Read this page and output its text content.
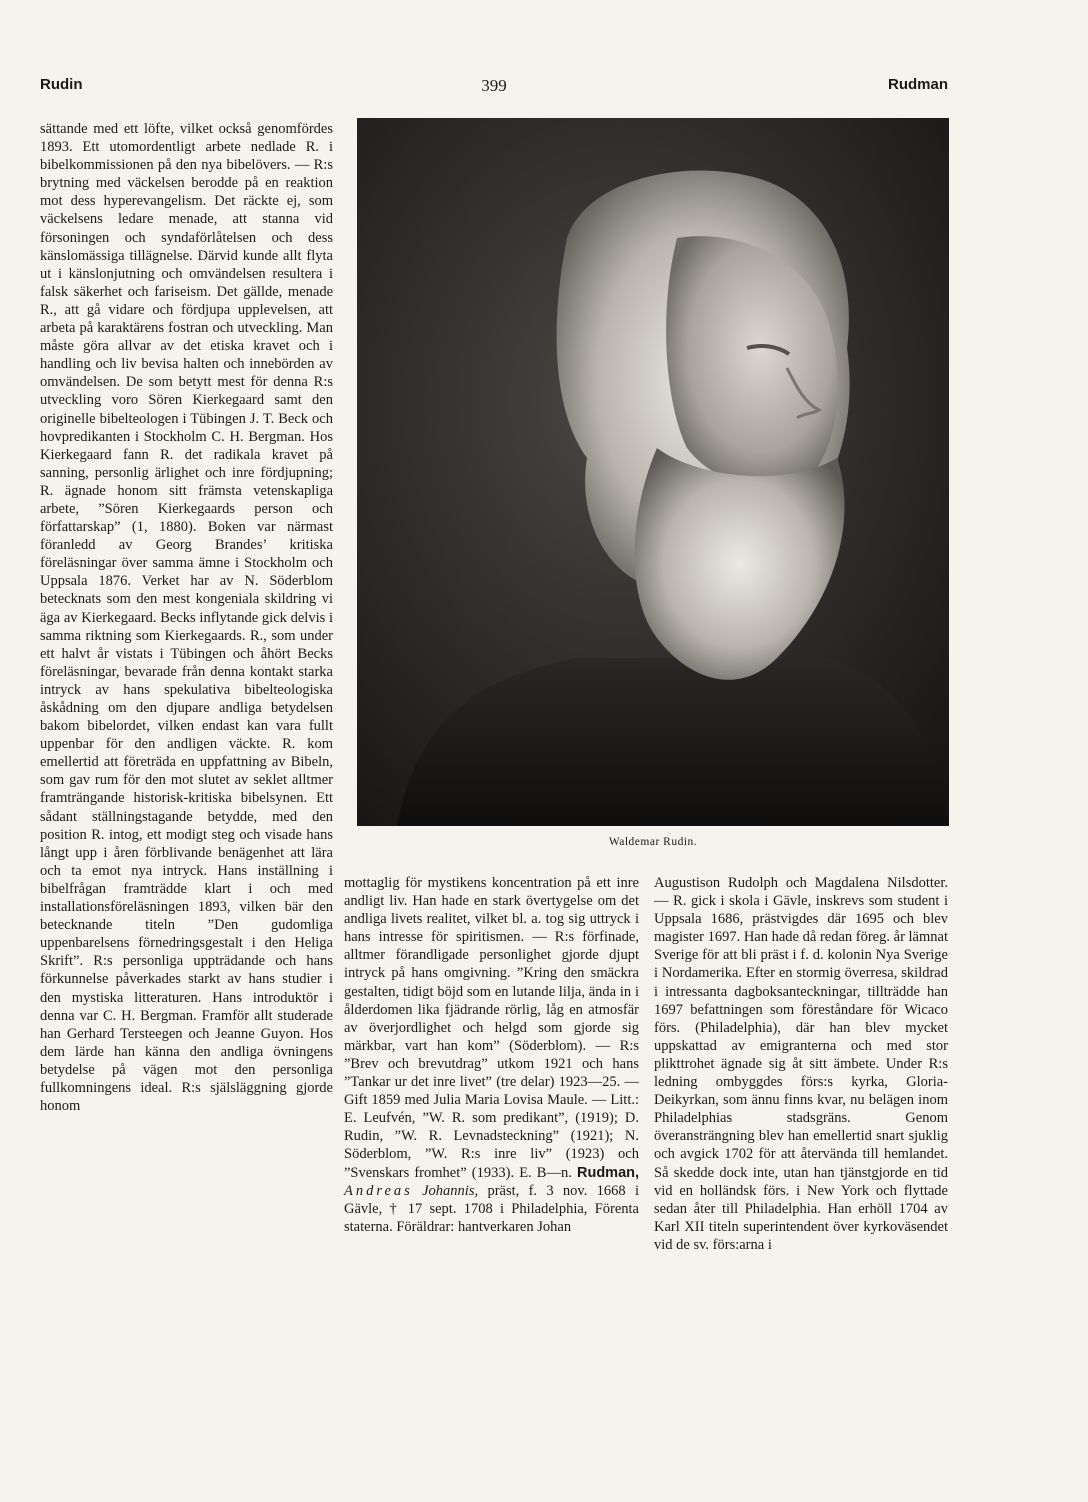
Rudin	399	Rudman

sättande med ett löfte, vilket också genomfördes 1893. Ett utomordentligt arbete nedlade R. i bibelkommissionen på den nya bibelövers. — R:s brytning med väckelsen berodde på en reaktion mot dess hyperevangelism. Det räckte ej, som väckelsens ledare menade, att stanna vid försoningen och syndaförlåtelsen och dess känslomässiga tillägnelse. Därvid kunde allt flyta ut i känslonjutning och omvändelsen resultera i falsk säkerhet och fariseism. Det gällde, menade R., att gå vidare och fördjupa upplevelsen, att arbeta på karaktärens fostran och utveckling. Man måste göra allvar av det etiska kravet och i handling och liv bevisa halten och innebörden av omvändelsen. De som betytt mest för denna R:s utveckling voro Sören Kierkegaard samt den originelle bibelteologen i Tübingen J. T. Beck och hovpredikanten i Stockholm C. H. Bergman. Hos Kierkegaard fann R. det radikala kravet på sanning, personlig ärlighet och inre fördjupning; R. ägnade honom sitt främsta vetenskapliga arbete, ”Sören Kierkegaards person och författarskap” (1, 1880). Boken var närmast föranledd av Georg Brandes’ kritiska föreläsningar över samma ämne i Stockholm och Uppsala 1876. Verket har av N. Söderblom betecknats som den mest kongeniala skildring vi äga av Kierkegaard. Becks inflytande gick delvis i samma riktning som Kierkegaards. R., som under ett halvt år vistats i Tübingen och åhört Becks föreläsningar, bevarade från denna kontakt starka intryck av hans spekulativa bibelteologiska åskådning om den djupare andliga betydelsen bakom bibelordet, vilken endast kan vara fullt uppenbar för den andligen väckte. R. kom emellertid att företräda en uppfattning av Bibeln, som gav rum för den mot slutet av seklet alltmer framträngande historisk-kritiska bibelsynen. Ett sådant ställningstagande betydde, med den position R. intog, ett modigt steg och visade hans långt upp i åren förblivande benägenhet att lära och ta emot nya intryck. Hans inställning i bibelfrågan framträdde klart i och med installationsföreläsningen 1893, vilken bär den betecknande titeln ”Den gudomliga uppenbarelsens förnedringsgestalt i den Heliga Skrift”. R:s personliga uppträdande och hans förkunnelse påverkades starkt av hans studier i den mystiska litteraturen. Hans introduktör i denna var C. H. Bergman. Framför allt studerade han Gerhard Tersteegen och Jeanne Guyon. Hos dem lärde han känna den andliga övningens betydelse på vägen mot den personliga fullkomningens ideal. R:s själsläggning gjorde honom

Waldemar Rudin.

mottaglig för mystikens koncentration på ett inre andligt liv. Han hade en stark övertygelse om det andliga livets realitet, vilket bl. a. tog sig uttryck i hans intresse för spiritismen. — R:s förfinade, alltmer förandligade personlighet gjorde djupt intryck på hans omgivning. ”Kring den smäckra gestalten, tidigt böjd som en lutande lilja, ända in i ålderdomen lika fjädrande rörlig, låg en atmosfär av överjordlighet och helgd som gjorde sig märkbar, vart han kom” (Söderblom). — R:s ”Brev och brevutdrag” utkom 1921 och hans ”Tankar ur det inre livet” (tre delar) 1923—25. — Gift 1859 med Julia Maria Lovisa Maule. — Litt.: E. Leufvén, ”W. R. som predikant”, (1919); D. Rudin, ”W. R. Levnadsteckning” (1921); N. Söderblom, ”W. R:s inre liv” (1923) och ”Svenskars fromhet” (1933). E. B—n. Rudman, Andreas Johannis, präst, f. 3 nov. 1668 i Gävle, † 17 sept. 1708 i Philadelphia, Förenta staterna. Föräldrar: hantverkaren Johan

Augustison Rudolph och Magdalena Nilsdotter. — R. gick i skola i Gävle, inskrevs som student i Uppsala 1686, prästvigdes där 1695 och blev magister 1697. Han hade då redan föreg. år lämnat Sverige för att bli präst i f. d. kolonin Nya Sverige i Nordamerika. Efter en stormig överresa, skildrad i intressanta dagboksanteckningar, tillträdde han 1697 befattningen som föreståndare för Wicaco förs. (Philadelphia), där han blev mycket uppskattad av emigranterna och med stor plikttrohet ägnade sig åt sitt ämbete. Under R:s ledning ombyggdes förs:s kyrka, Gloria-Deikyrkan, som ännu finns kvar, nu belägen inom Philadelphias stadsgräns. Genom överansträngning blev han emellertid snart sjuklig och avgick 1702 för att återvända till hemlandet. Så skedde dock inte, utan han tjänstgjorde en tid vid en holländsk förs. i New York och flyttade sedan åter till Philadelphia. Han erhöll 1704 av Karl XII titeln superintendent över kyrkoväsendet vid de sv. förs:arna i
